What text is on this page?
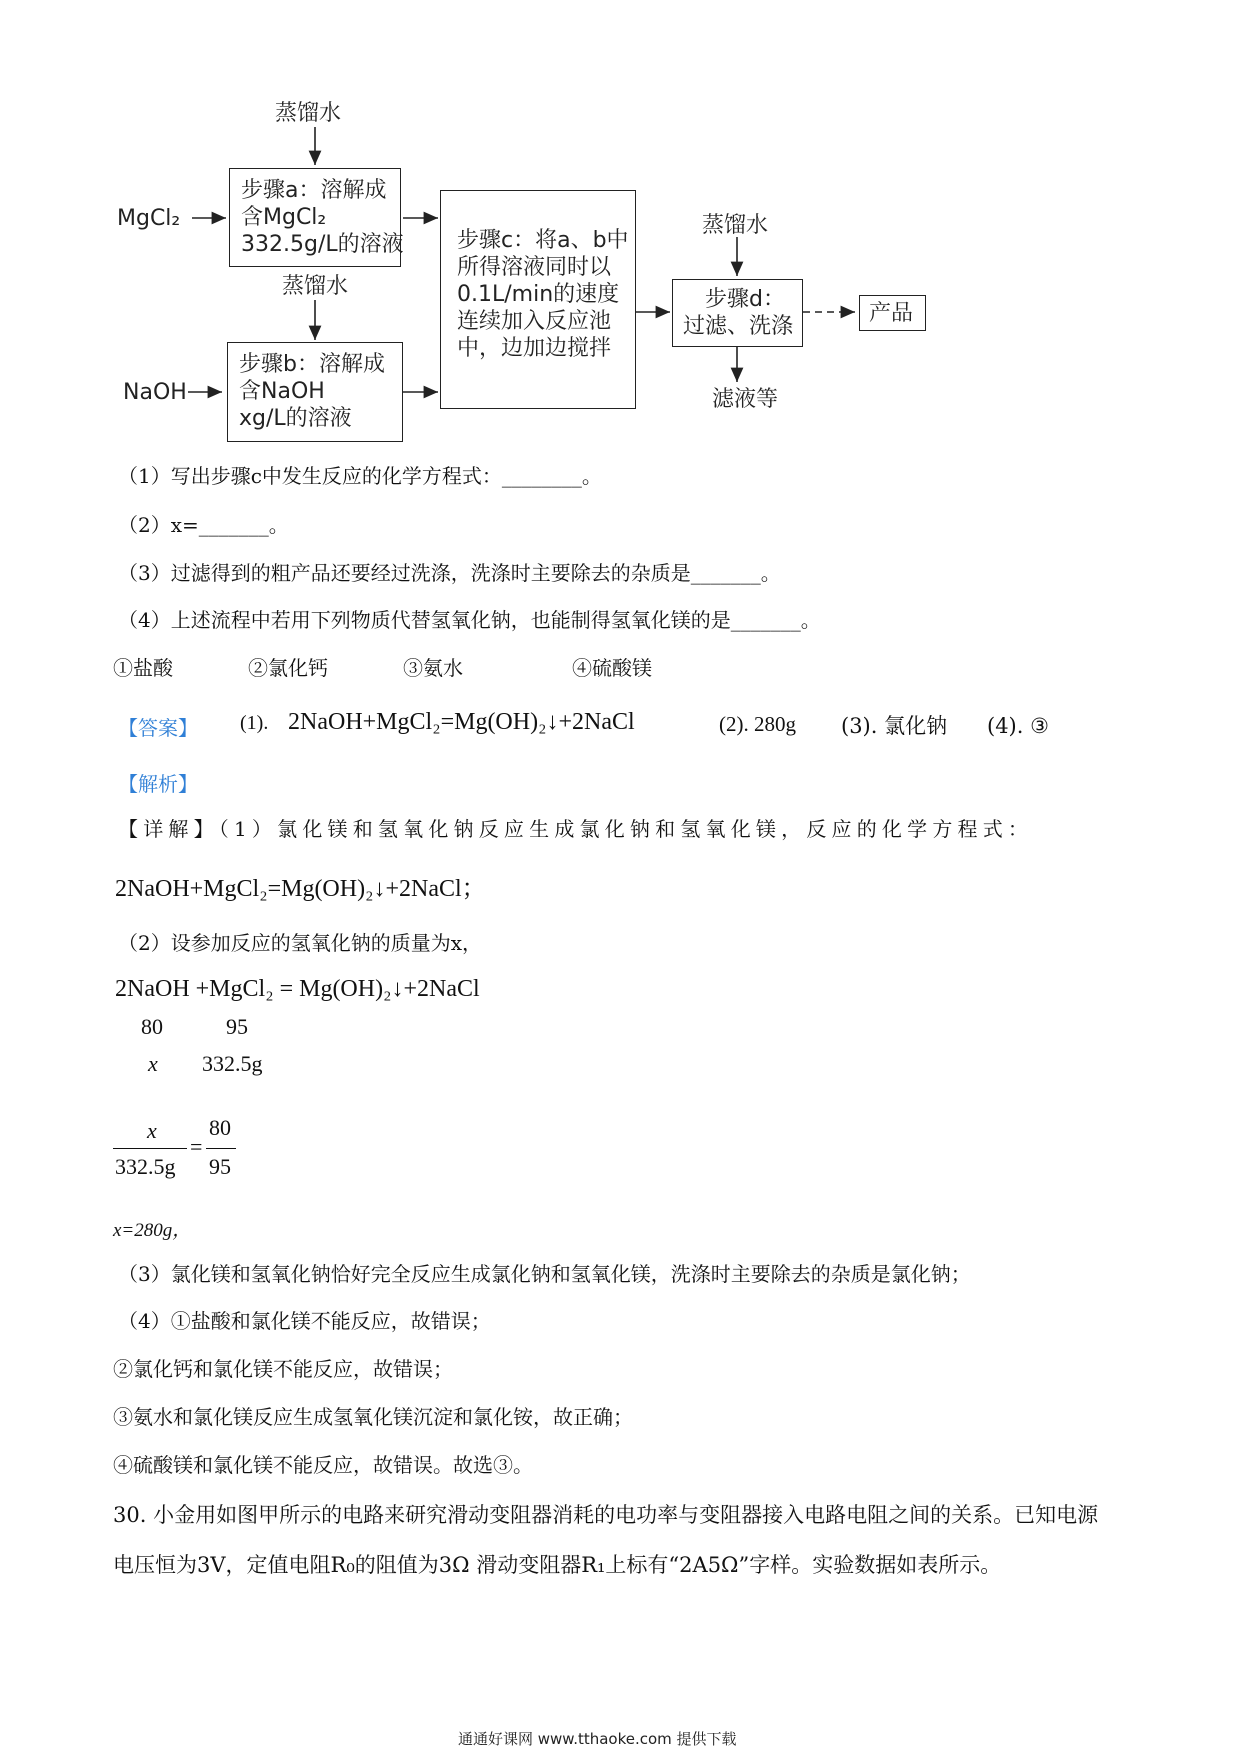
蒸馏水
MgCl₂
步骤a：溶解成
含MgCl₂
332.5g/L的溶液
蒸馏水
NaOH
步骤b：溶解成
含NaOH
xg/L的溶液
步骤c：将a、b中
所得溶液同时以
0.1L/min的速度
连续加入反应池
中，边加边搅拌
蒸馏水
步骤d：
过滤、洗涤
产品
滤液等
（1）写出步骤c中发生反应的化学方程式：________。
（2）x=_______。
（3）过滤得到的粗产品还要经过洗涤，洗涤时主要除去的杂质是_______。
（4）上述流程中若用下列物质代替氢氧化钠，也能制得氢氧化镁的是_______。
①盐酸	②氯化钙	③氨水	④硫酸镁
【答案】 (1). 2NaOH+MgCl₂=Mg(OH)₂↓+2NaCl	(2). 280g (3). 氯化钠 (4). ③
【解析】
【详解】（1）氯化镁和氢氧化钠反应生成氯化钠和氢氧化镁，反应的化学方程式：
2NaOH+MgCl₂=Mg(OH)₂↓+2NaCl；
（2）设参加反应的氢氧化钠的质量为x，
2NaOH +MgCl₂ = Mg(OH)₂↓+2NaCl
80	95
x 332.5g
x
332.5g
=
80
95
x=280g，
（3）氯化镁和氢氧化钠恰好完全反应生成氯化钠和氢氧化镁，洗涤时主要除去的杂质是氯化钠；
（4）①盐酸和氯化镁不能反应，故错误；
②氯化钙和氯化镁不能反应，故错误；
③氨水和氯化镁反应生成氢氧化镁沉淀和氯化铵，故正确；
④硫酸镁和氯化镁不能反应，故错误。故选③。
30. 小金用如图甲所示的电路来研究滑动变阻器消耗的电功率与变阻器接入电路电阻之间的关系。已知电源
电压恒为3V，定值电阻R₀的阻值为3Ω 滑动变阻器R₁上标有“2A5Ω”字样。实验数据如表所示。
通通好课网 www.tthaoke.com 提供下载
